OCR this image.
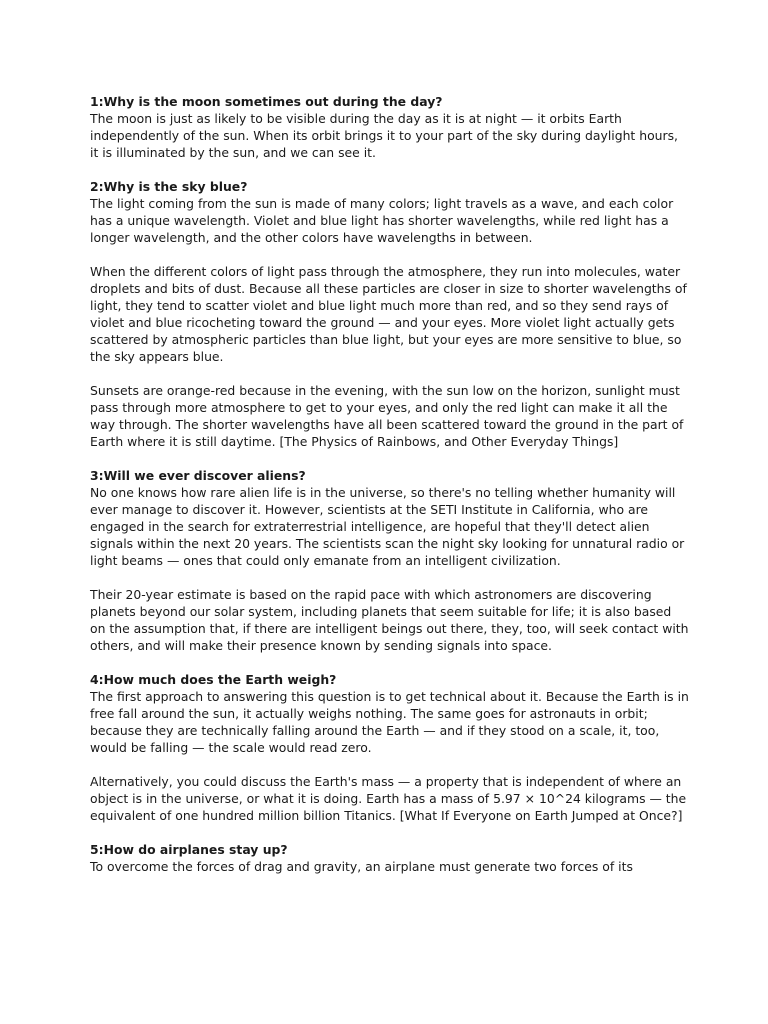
1:Why is the moon sometimes out during the day?

The moon is just as likely to be visible during the day as it is at night — it orbits Earth independently of the sun. When its orbit brings it to your part of the sky during daylight hours, it is illuminated by the sun, and we can see it.

2:Why is the sky blue?

The light coming from the sun is made of many colors; light travels as a wave, and each color has a unique wavelength. Violet and blue light has shorter wavelengths, while red light has a longer wavelength, and the other colors have wavelengths in between.

When the different colors of light pass through the atmosphere, they run into molecules, water droplets and bits of dust. Because all these particles are closer in size to shorter wavelengths of light, they tend to scatter violet and blue light much more than red, and so they send rays of violet and blue ricocheting toward the ground — and your eyes. More violet light actually gets scattered by atmospheric particles than blue light, but your eyes are more sensitive to blue, so the sky appears blue.

Sunsets are orange-red because in the evening, with the sun low on the horizon, sunlight must pass through more atmosphere to get to your eyes, and only the red light can make it all the way through. The shorter wavelengths have all been scattered toward the ground in the part of Earth where it is still daytime. [The Physics of Rainbows, and Other Everyday Things]

3:Will we ever discover aliens?

No one knows how rare alien life is in the universe, so there's no telling whether humanity will ever manage to discover it. However, scientists at the SETI Institute in California, who are engaged in the search for extraterrestrial intelligence, are hopeful that they'll detect alien signals within the next 20 years. The scientists scan the night sky looking for unnatural radio or light beams — ones that could only emanate from an intelligent civilization.

Their 20-year estimate is based on the rapid pace with which astronomers are discovering planets beyond our solar system, including planets that seem suitable for life; it is also based on the assumption that, if there are intelligent beings out there, they, too, will seek contact with others, and will make their presence known by sending signals into space.

4:How much does the Earth weigh?

The first approach to answering this question is to get technical about it. Because the Earth is in free fall around the sun, it actually weighs nothing. The same goes for astronauts in orbit; because they are technically falling around the Earth — and if they stood on a scale, it, too, would be falling — the scale would read zero.

Alternatively, you could discuss the Earth's mass — a property that is independent of where an object is in the universe, or what it is doing. Earth has a mass of 5.97 × 10^24 kilograms — the equivalent of one hundred million billion Titanics. [What If Everyone on Earth Jumped at Once?]

5:How do airplanes stay up?

To overcome the forces of drag and gravity, an airplane must generate two forces of its
